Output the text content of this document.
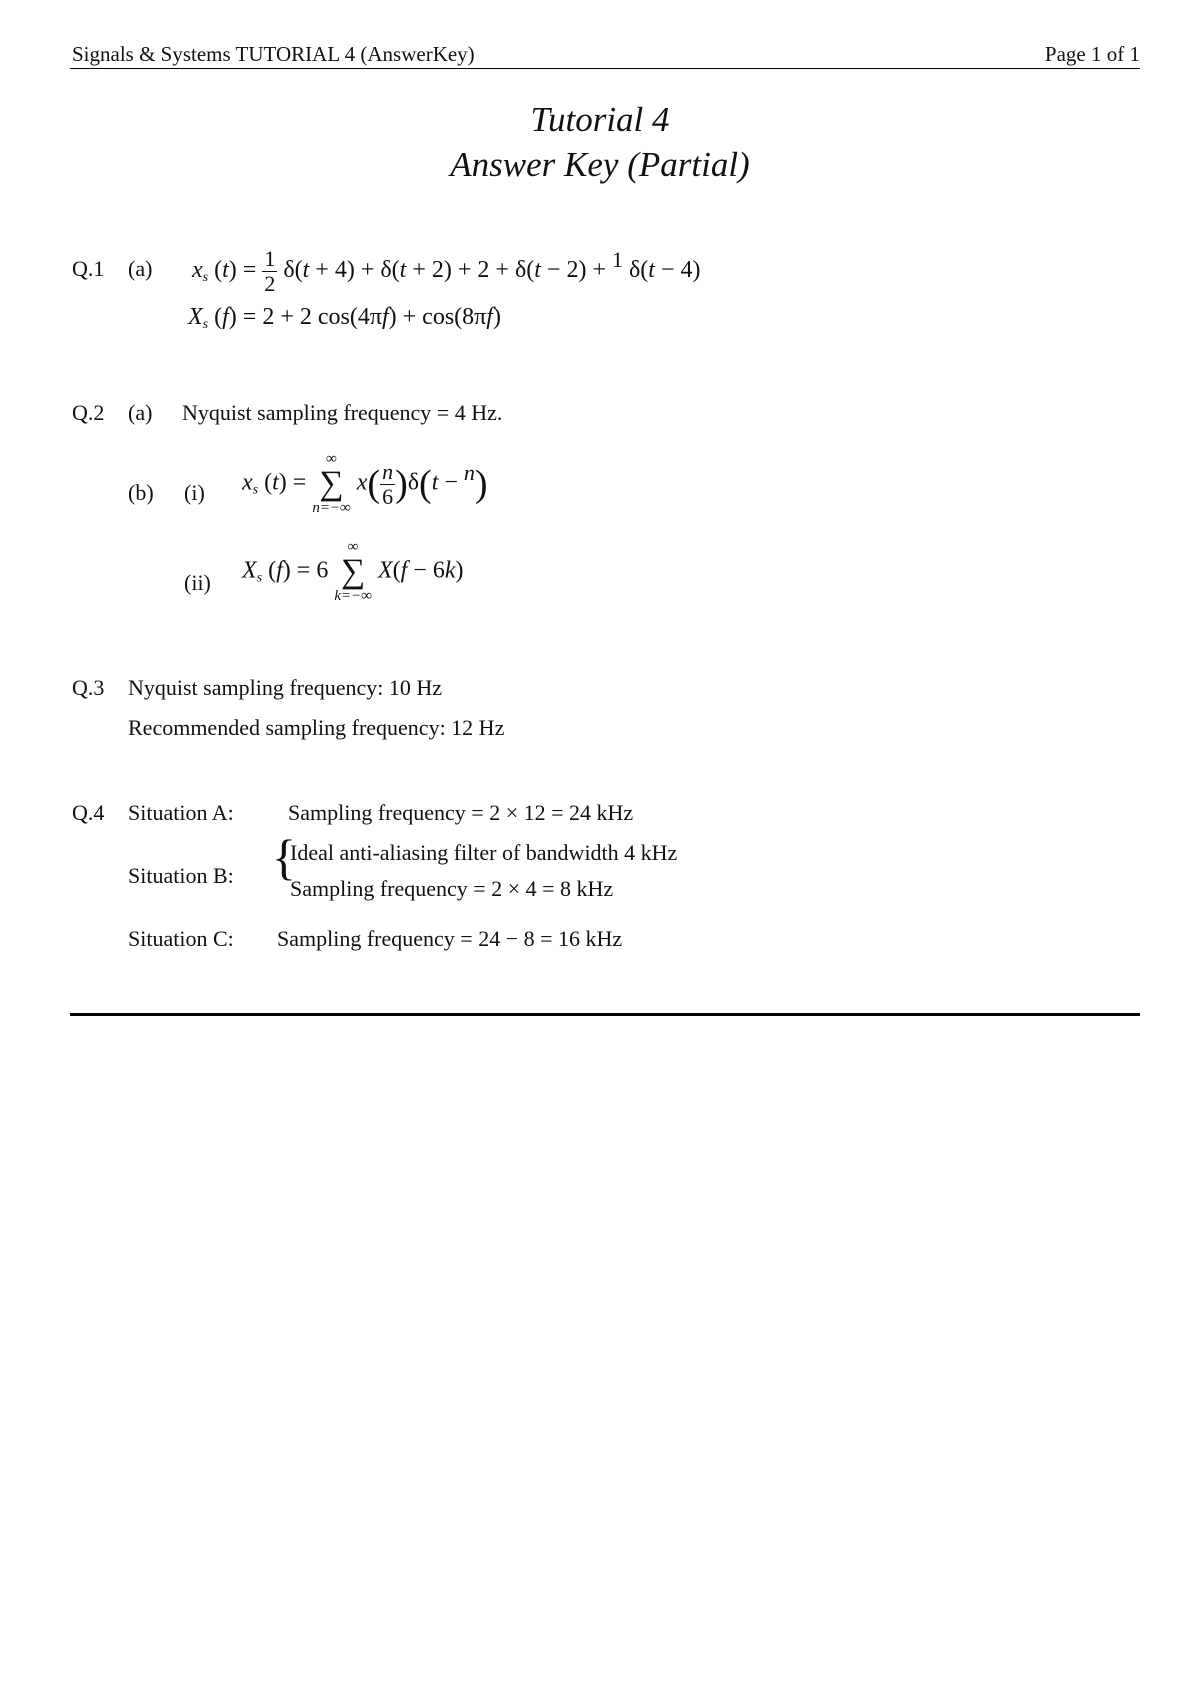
Signals & Systems TUTORIAL 4 (AnswerKey)	Page 1 of 1
Tutorial 4
Answer Key (Partial)
Q.1 (a) $x_s$ $(t) = \frac{1}{2} \delta(t + 4) + \delta(t + 2) + 2 + \delta(t - 2) + 1$
δ(t − 4)
$X_s$ (f) = 2 + 2 cos(4πf) + cos(8πf)
Q.2 (a) Nyquist sampling frequency = 4 Hz.
(b) (i) $x_s$ (t) =
∞
∑
n=−∞
$x( \frac{n}{6} )\delta(t - n$
)
(ii) $X_s$ (f) = 6
∞
∑
k=−∞
X(f − 6k)
Q.3 Nyquist sampling frequency: 10 Hz
Recommended sampling frequency: 12 Hz
Q.4 Situation A: Sampling frequency = 2 × 12 = 24 kHz
Situation B: {
Ideal anti-aliasing filter of bandwidth 4 kHz
Sampling frequency = 2 × 4 = 8 kHz
Situation C: Sampling frequency = 24 − 8 = 16 kHz
